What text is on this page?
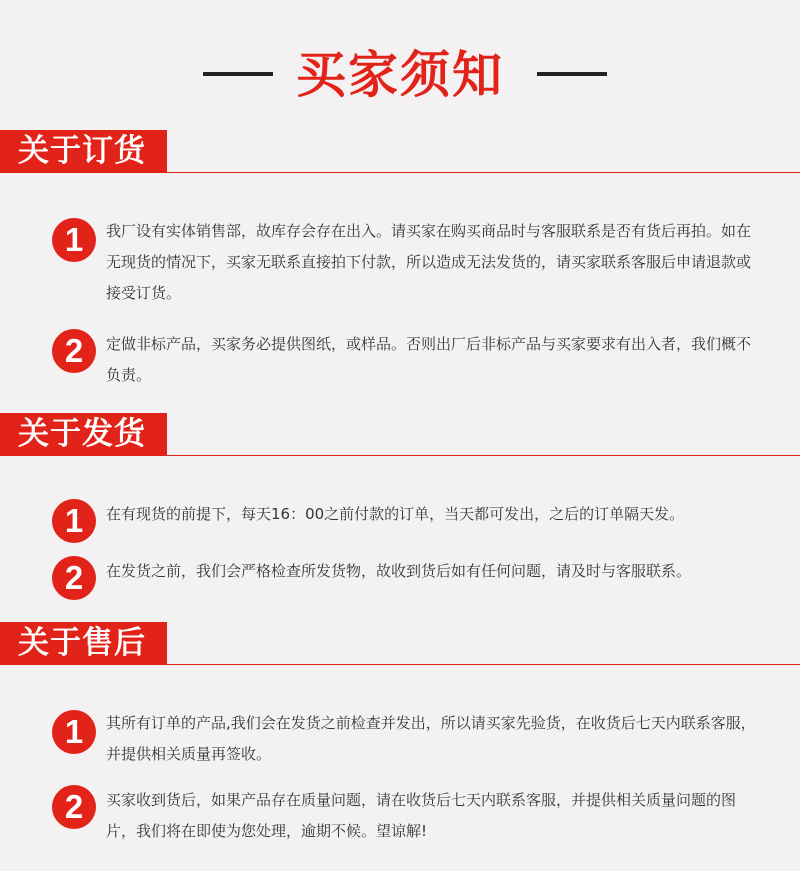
买家须知
关于订货
1	我厂设有实体销售部，故库存会存在出入。请买家在购买商品时与客服联系是否有货后再拍。如在无现货的情况下，买家无联系直接拍下付款，所以造成无法发货的，请买家联系客服后申请退款或接受订货。
2	定做非标产品，买家务必提供图纸，或样品。否则出厂后非标产品与买家要求有出入者，我们概不负责。
关于发货
1	在有现货的前提下，每天16：00之前付款的订单，当天都可发出，之后的订单隔天发。
2	在发货之前，我们会严格检查所发货物，故收到货后如有任何问题，请及时与客服联系。
关于售后
1	其所有订单的产品,我们会在发货之前检查并发出，所以请买家先验货，在收货后七天内联系客服，并提供相关质量再签收。
2	买家收到货后，如果产品存在质量问题，请在收货后七天内联系客服，并提供相关质量问题的图片，我们将在即使为您处理，逾期不候。望谅解!
